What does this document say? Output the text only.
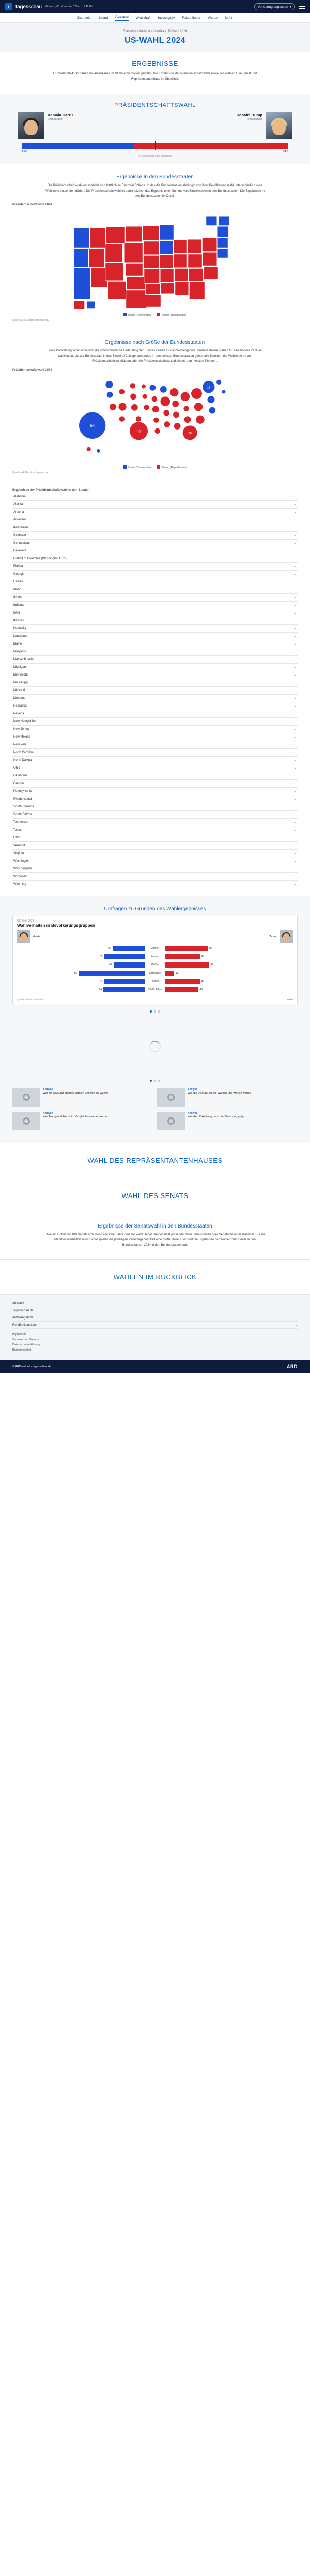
t	tagesschau Mittwoch, 06. November 2024 11:42 Uhr	Vorlesung anpassen ▾
Startseite Inland Ausland Wirtschaft Investigativ Faktenfinder Wetter Mehr
Startseite › Ausland › Amerika › US-Wahl 2024
US-WAHL 2024
ERGEBNISSE
US-Wahl 2024: So haben die Amerikaner ihr Stimmenverhalten gewählt. Die Ergebnisse der Präsidentschaftswahl sowie der Wahlen zum Senat und Repräsentantenhaus im Überblick.
PRÄSIDENTSCHAFTSWAHL
Kamala Harris
Demokraten
Donald Trump
Republikaner
226	312
270 Wahlleute zum Sieg nötig
Ergebnisse in den Bundesstaaten
Die Präsidentschaftswahl entscheidet sich letztlich im Electoral College. In das die Bundesstaaten abhängig von ihrer Bevölkerungszahl unterschiedlich viele Wahlleute entsenden dürfen. Die Präsidentschaftswahl ist damit letztlich das Ergebnis einer Summe von Einzelwahlen in den Bundesstaaten. Die Ergebnisse in den Bundesstaaten im Detail:
Präsidentschaftswahl 2024
Harris (Demokraten)	Trump (Republikaner)
Quelle: AP/Election, tagesschau
Ergebnisse nach Größe der Bundesstaaten
Diese Darstellung veranschaulicht die unterschiedliche Bedeutung der Bundesstaaten für das Wahlergebnis. Größere Kreise stehen für eine höhere Zahl von Wahlleuten, die der Bundesstaat in das Electoral College entsendet. In den meisten Bundesstaaten gehen alle Stimmen der Wahlleute an den Präsidentschaftskandidaten oder die Präsidentschaftskandidatin mit den meisten Stimmen.
Präsidentschaftswahl 2024
54
40
30
28
Harris (Demokraten)	Trump (Republikaner)
Quelle: AP/Election, tagesschau
Ergebnisse der Präsidentschaftswahl in den Staaten
Alabama	⌄
Alaska	⌄
Arizona	⌄
Arkansas	⌄
Kalifornien	⌄
Colorado	⌄
Connecticut	⌄
Delaware	⌄
District of Columbia (Washington D.C.)	⌄
Florida	⌄
Georgia	⌄
Hawaii	⌄
Idaho	⌄
Illinois	⌄
Indiana	⌄
Iowa	⌄
Kansas	⌄
Kentucky	⌄
Louisiana	⌄
Maine	⌄
Maryland	⌄
Massachusetts	⌄
Michigan	⌄
Minnesota	⌄
Mississippi	⌄
Missouri	⌄
Montana	⌄
Nebraska	⌄
Nevada	⌄
New Hampshire	⌄
New Jersey	⌄
New Mexico	⌄
New York	⌄
North Carolina	⌄
North Dakota	⌄
Ohio	⌄
Oklahoma	⌄
Oregon	⌄
Pennsylvania	⌄
Rhode Island	⌄
South Carolina	⌄
South Dakota	⌄
Tennessee	⌄
Texas	⌄
Utah	⌄
Vermont	⌄
Virginia	⌄
Washington	⌄
West Virginia	⌄
Wisconsin	⌄
Wyoming	⌄
Umfragen zu Gründen des Wahlergebnisses
US-Wahl 2024
Wahlverhalten in Bevölkerungsgruppen
Harris	Trump
42	Männer	55
53	Frauen	45
41	Weiße	57
86	Schwarze	12
53	Latinos	45
54	18-29 Jahre	43
Quelle: Edison Research	Teilen
Analyse
Wie die USA auf Trumps Wahlen und wie sie wählte
Analyse
Wie die USA auf Harris Wahlen und wie sie wählte
Analyse
Wie Trump und Harris im Vergleich bewertet wurden
Analyse
Wie die USA bewegt und die Stimmung prägt
WAHL DES REPRÄSENTANTENHAUSES
WAHL DES SENATS
Ergebnisse der Senatswahl in den Bundesstaaten
Etwa ein Drittel der 100 Senatssitze stand alle zwei Jahre neu zur Wahl. Jeder Bundesstaat entsendet zwei Senatorinnen oder Senatoren in die Kammer. Für die Mehrheitsverhältnisse im Senat spielen die jeweiligen Parteizugehörigkeit eine große Rolle. Hier sind die Ergebnisse der Wahlen zum Senat in den Bundesstaaten 2024 in den Bundesstaaten auf.
WAHLEN IM RÜCKBLICK
Ausland	⌄
Tagesschau.de	⌄
ARD-Angebote	⌄
Rundfunkanstalten	⌄
Impressum
So erreichen Sie uns
Datenschutzerklärung
Barrierefreiheit
© ARD-aktuell / tagesschau.de	ARD
